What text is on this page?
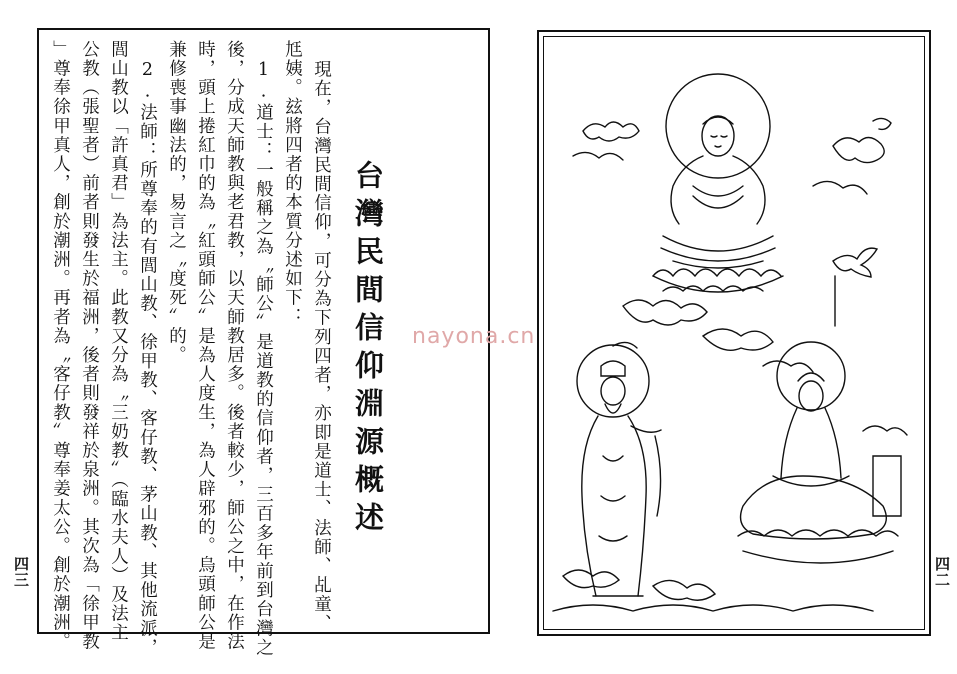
台灣民間信仰淵源概述
現在，台灣民間信仰，可分為下列四者，亦即是道士、法師、乩童、
尪姨。玆將四者的本質分述如下：
1.道士：一般稱之為〝師公〞是道教的信仰者，三百多年前到台灣之
後，分成天師教與老君教，以天師教居多。後者較少，師公之中，在作法
時，頭上捲紅巾的為〝紅頭師公〞是為人度生，為人辟邪的。烏頭師公是
兼修喪事幽法的，易言之〝度死〞的。
2.法師：所尊奉的有閭山教、徐甲教、客仔教、茅山教、其他流派，
閭山教以「許真君」為法主。此教又分為〝三奶教〞（臨水夫人）及法主
公教（張聖者）前者則發生於福洲，後者則發祥於泉洲。其次為「徐甲教
」尊奉徐甲真人，創於潮洲。再者為〝客仔教〞尊奉姜太公。創於潮洲。
四三
nayona.cn
四二
